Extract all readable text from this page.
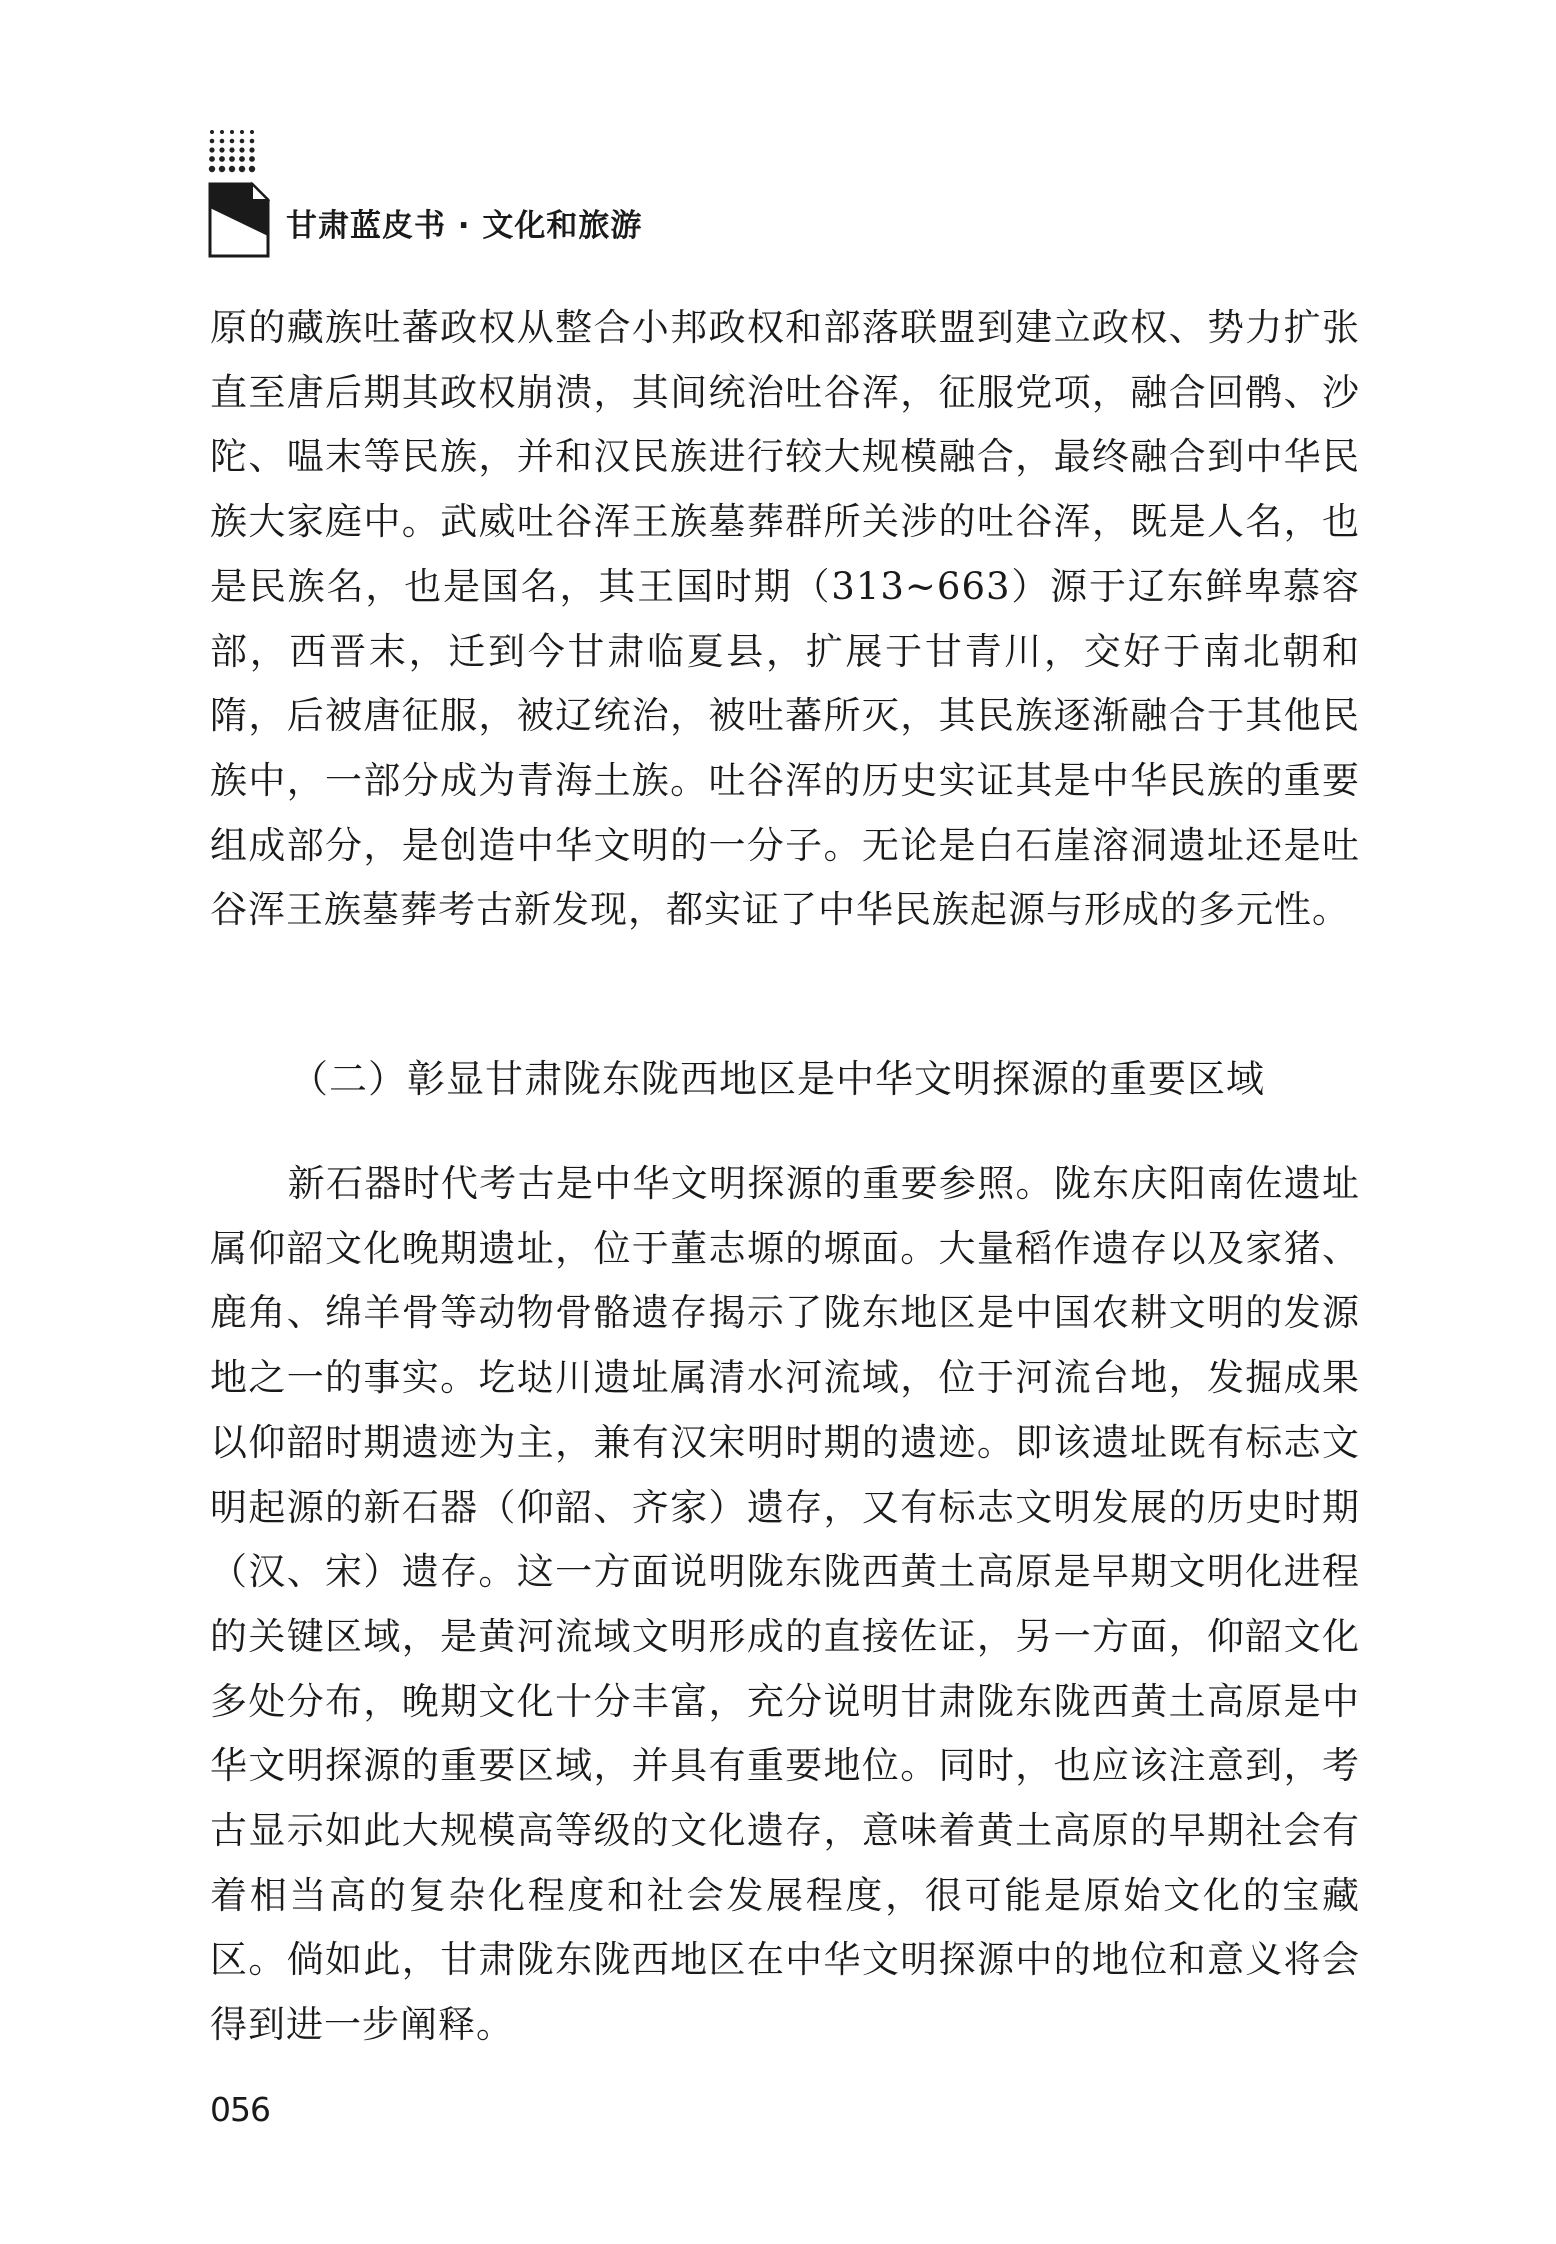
甘肃蓝皮书 · 文化和旅游

原的藏族吐蕃政权从整合小邦政权和部落联盟到建立政权、势力扩张直至唐后期其政权崩溃，其间统治吐谷浑，征服党项，融合回鹘、沙陀、嗢末等民族，并和汉民族进行较大规模融合，最终融合到中华民族大家庭中。武威吐谷浑王族墓葬群所关涉的吐谷浑，既是人名，也是民族名，也是国名，其王国时期（313~663）源于辽东鲜卑慕容部，西晋末，迁到今甘肃临夏县，扩展于甘青川，交好于南北朝和隋，后被唐征服，被辽统治，被吐蕃所灭，其民族逐渐融合于其他民族中，一部分成为青海土族。吐谷浑的历史实证其是中华民族的重要组成部分，是创造中华文明的一分子。无论是白石崖溶洞遗址还是吐谷浑王族墓葬考古新发现，都实证了中华民族起源与形成的多元性。

（二）彰显甘肃陇东陇西地区是中华文明探源的重要区域

新石器时代考古是中华文明探源的重要参照。陇东庆阳南佐遗址属仰韶文化晚期遗址，位于董志塬的塬面。大量稻作遗存以及家猪、鹿角、绵羊骨等动物骨骼遗存揭示了陇东地区是中国农耕文明的发源地之一的事实。圪垯川遗址属清水河流域，位于河流台地，发掘成果以仰韶时期遗迹为主，兼有汉宋明时期的遗迹。即该遗址既有标志文明起源的新石器（仰韶、齐家）遗存，又有标志文明发展的历史时期（汉、宋）遗存。这一方面说明陇东陇西黄土高原是早期文明化进程的关键区域，是黄河流域文明形成的直接佐证，另一方面，仰韶文化多处分布，晚期文化十分丰富，充分说明甘肃陇东陇西黄土高原是中华文明探源的重要区域，并具有重要地位。同时，也应该注意到，考古显示如此大规模高等级的文化遗存，意味着黄土高原的早期社会有着相当高的复杂化程度和社会发展程度，很可能是原始文化的宝藏区。倘如此，甘肃陇东陇西地区在中华文明探源中的地位和意义将会得到进一步阐释。

056
